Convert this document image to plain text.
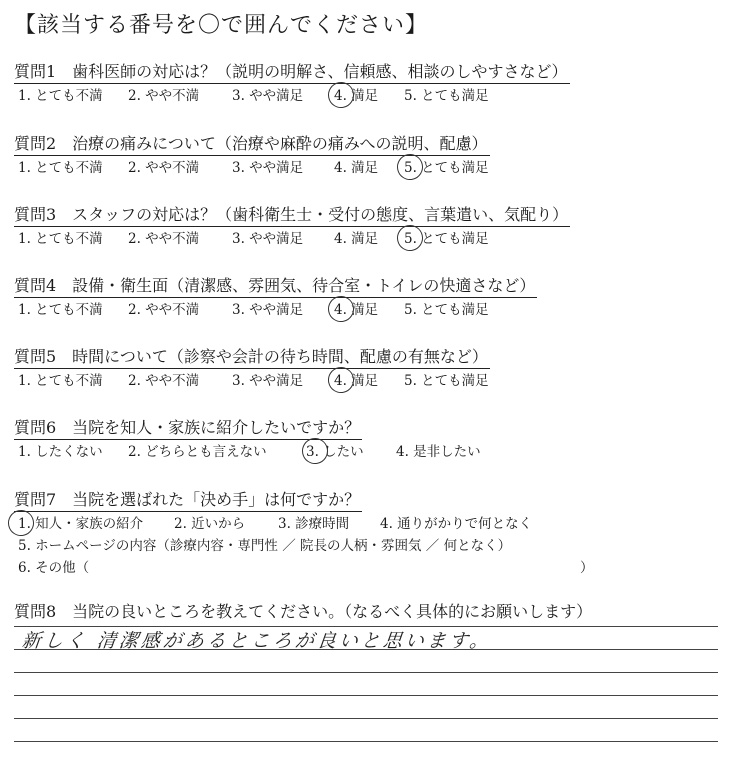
【該当する番号を〇で囲んでください】
質問1　歯科医師の対応は？（説明の明解さ、信頼感、相談のしやすさなど）
1. とても不満 2. やや不満 3. やや満足 4. 満足 5. とても満足
質問2　治療の痛みについて（治療や麻酔の痛みへの説明、配慮）
1. とても不満 2. やや不満 3. やや満足 4. 満足 5. とても満足
質問3　スタッフの対応は？（歯科衛生士・受付の態度、言葉遣い、気配り）
1. とても不満 2. やや不満 3. やや満足 4. 満足 5. とても満足
質問4　設備・衛生面（清潔感、雰囲気、待合室・トイレの快適さなど）
1. とても不満 2. やや不満 3. やや満足 4. 満足 5. とても満足
質問5　時間について（診察や会計の待ち時間、配慮の有無など）
1. とても不満 2. やや不満 3. やや満足 4. 満足 5. とても満足
質問6　当院を知人・家族に紹介したいですか？
1. したくない 2. どちらとも言えない	3. したい 4. 是非したい
質問7　当院を選ばれた「決め手」は何ですか？
1. 知人・家族の紹介 2. 近いから 3. 診療時間 4. 通りがかりで何となく
5. ホームページの内容（診療内容・専門性 ／ 院長の人柄・雰囲気 ／ 何となく）
6. その他（	）
質問8　当院の良いところを教えてください。（なるべく具体的にお願いします）
新しく 清潔感があるところが良いと思います。
